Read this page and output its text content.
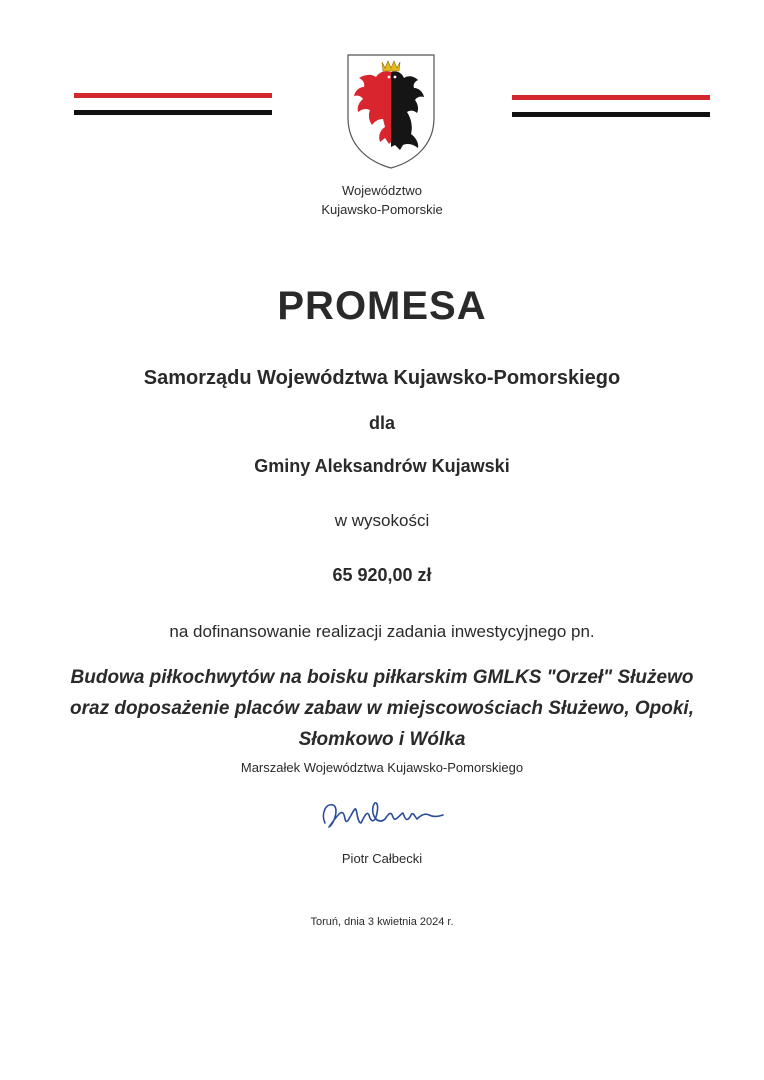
Województwo
Kujawsko-Pomorskie
PROMESA
Samorządu Województwa Kujawsko-Pomorskiego
dla
Gminy Aleksandrów Kujawski
w wysokości
65 920,00 zł
na dofinansowanie realizacji zadania inwestycyjnego pn.
Budowa piłkochwytów na boisku piłkarskim GMLKS "Orzeł" Służewo
oraz doposażenie placów zabaw w miejscowościach Służewo, Opoki,
Słomkowo i Wólka
Marszałek Województwa Kujawsko-Pomorskiego
Piotr Całbecki
Toruń, dnia 3 kwietnia 2024 r.
